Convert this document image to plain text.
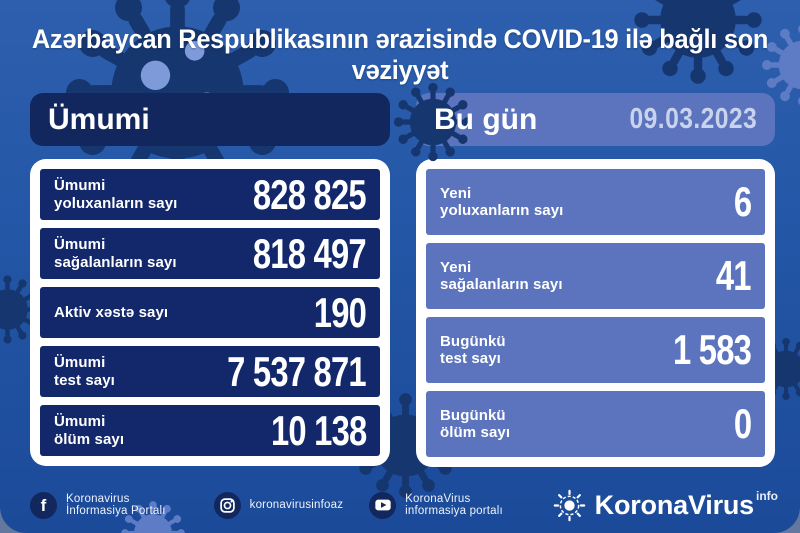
Azərbaycan Respublikasının ərazisində COVID-19 ilə bağlı son vəziyyət
Ümumi
Ümumi
yoluxanların sayı 828 825
Ümumi
sağalanların sayı 818 497
Aktiv xəstə sayı	190
Ümumi
test sayı	7 537 871
Ümumi
ölüm sayı	10 138
Bu gün	09.03.2023
Yeni
yoluxanların sayı	6
Yeni
sağalanların sayı	41
Bugünkü
test sayı	1 583
Bugünkü
ölüm sayı	0
f Koronavirus İnformasiya Portalı	koronavirusinfoaz	KoronaVirus informasiya portalı	KoronaVirus info
